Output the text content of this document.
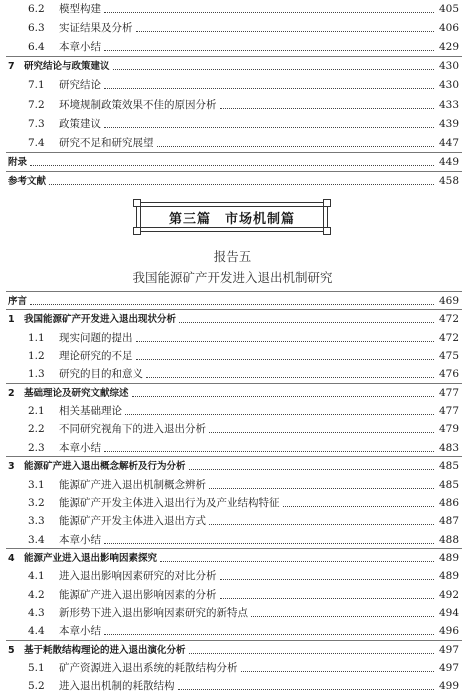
第三篇　市场机制篇
报告五
我国能源矿产开发进入退出机制研究
6.2	模型构建	405
6.3	实证结果及分析	406
6.4	本章小结	429
7 研究结论与政策建议	430
7.1	研究结论	430
7.2	环境规制政策效果不佳的原因分析	433
7.3	政策建议	439
7.4	研究不足和研究展望	447
附录	449
参考文献	458
序言	469
1 我国能源矿产开发进入退出现状分析	472
1.1	现实问题的提出	472
1.2	理论研究的不足	475
1.3	研究的目的和意义	476
2 基础理论及研究文献综述	477
2.1	相关基础理论	477
2.2	不同研究视角下的进入退出分析	479
2.3	本章小结	483
3 能源矿产进入退出概念解析及行为分析	485
3.1	能源矿产进入退出机制概念辨析	485
3.2	能源矿产开发主体进入退出行为及产业结构特征	486
3.3	能源矿产开发主体进入退出方式	487
3.4	本章小结	488
4 能源产业进入退出影响因素探究	489
4.1	进入退出影响因素研究的对比分析	489
4.2	能源矿产进入退出影响因素的分析	492
4.3	新形势下进入退出影响因素研究的新特点	494
4.4	本章小结	496
5 基于耗散结构理论的进入退出演化分析	497
5.1	矿产资源进入退出系统的耗散结构分析	497
5.2	进入退出机制的耗散结构	499
